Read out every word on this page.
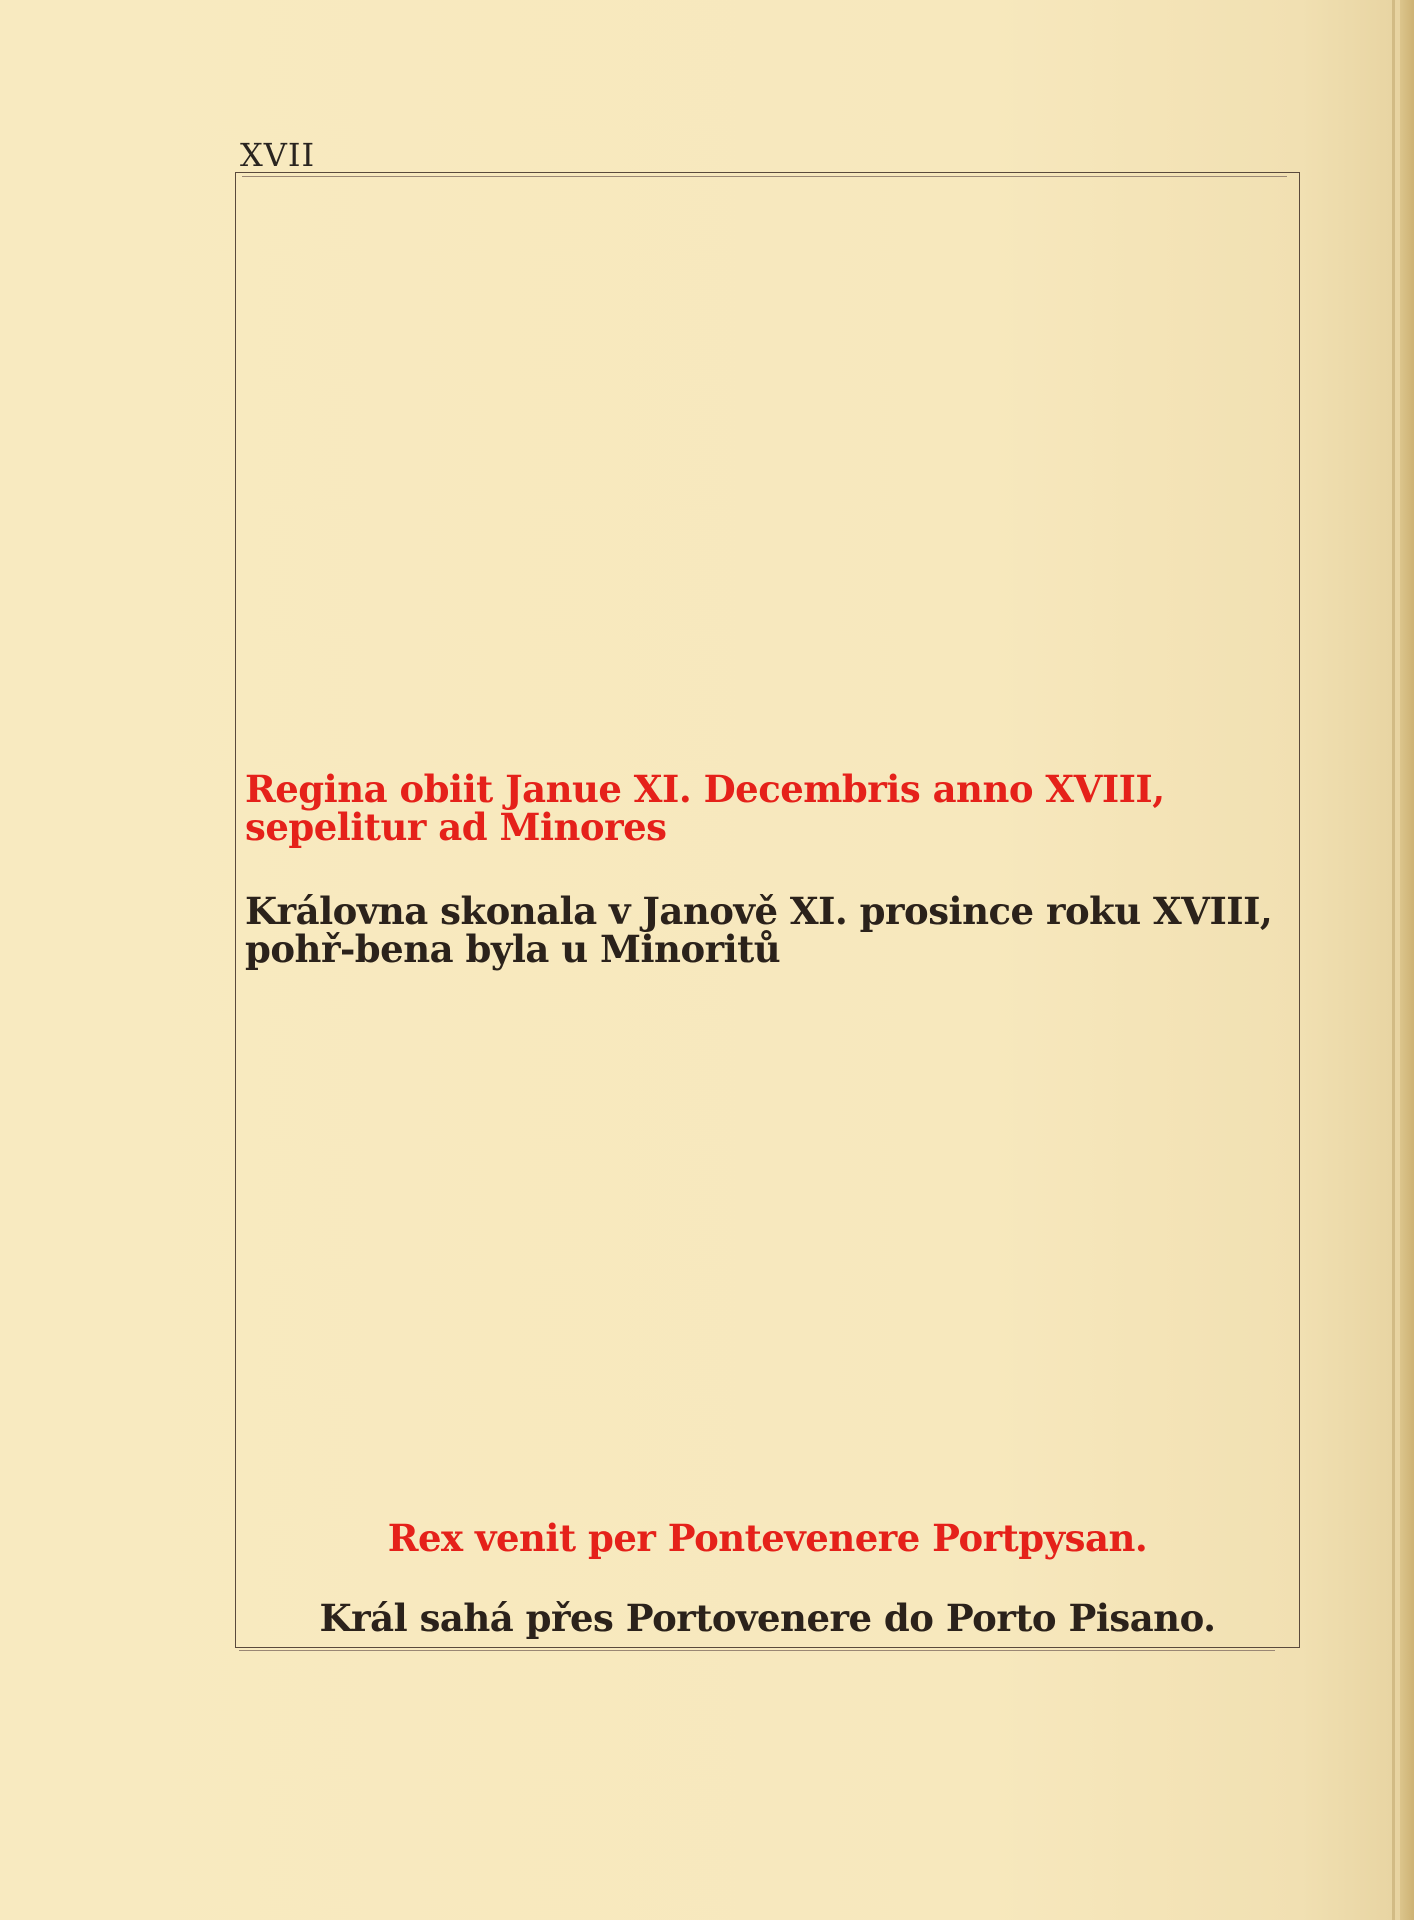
XVII
Regina obiit Janue XI. Decembris anno XVIII, sepelitur ad Minores
Královna skonala v Janově XI. prosince roku XVIII, pohř-bena byla u Minoritů
Rex venit per Pontevenere Portpysan.
Král sahá přes Portovenere do Porto Pisano.
